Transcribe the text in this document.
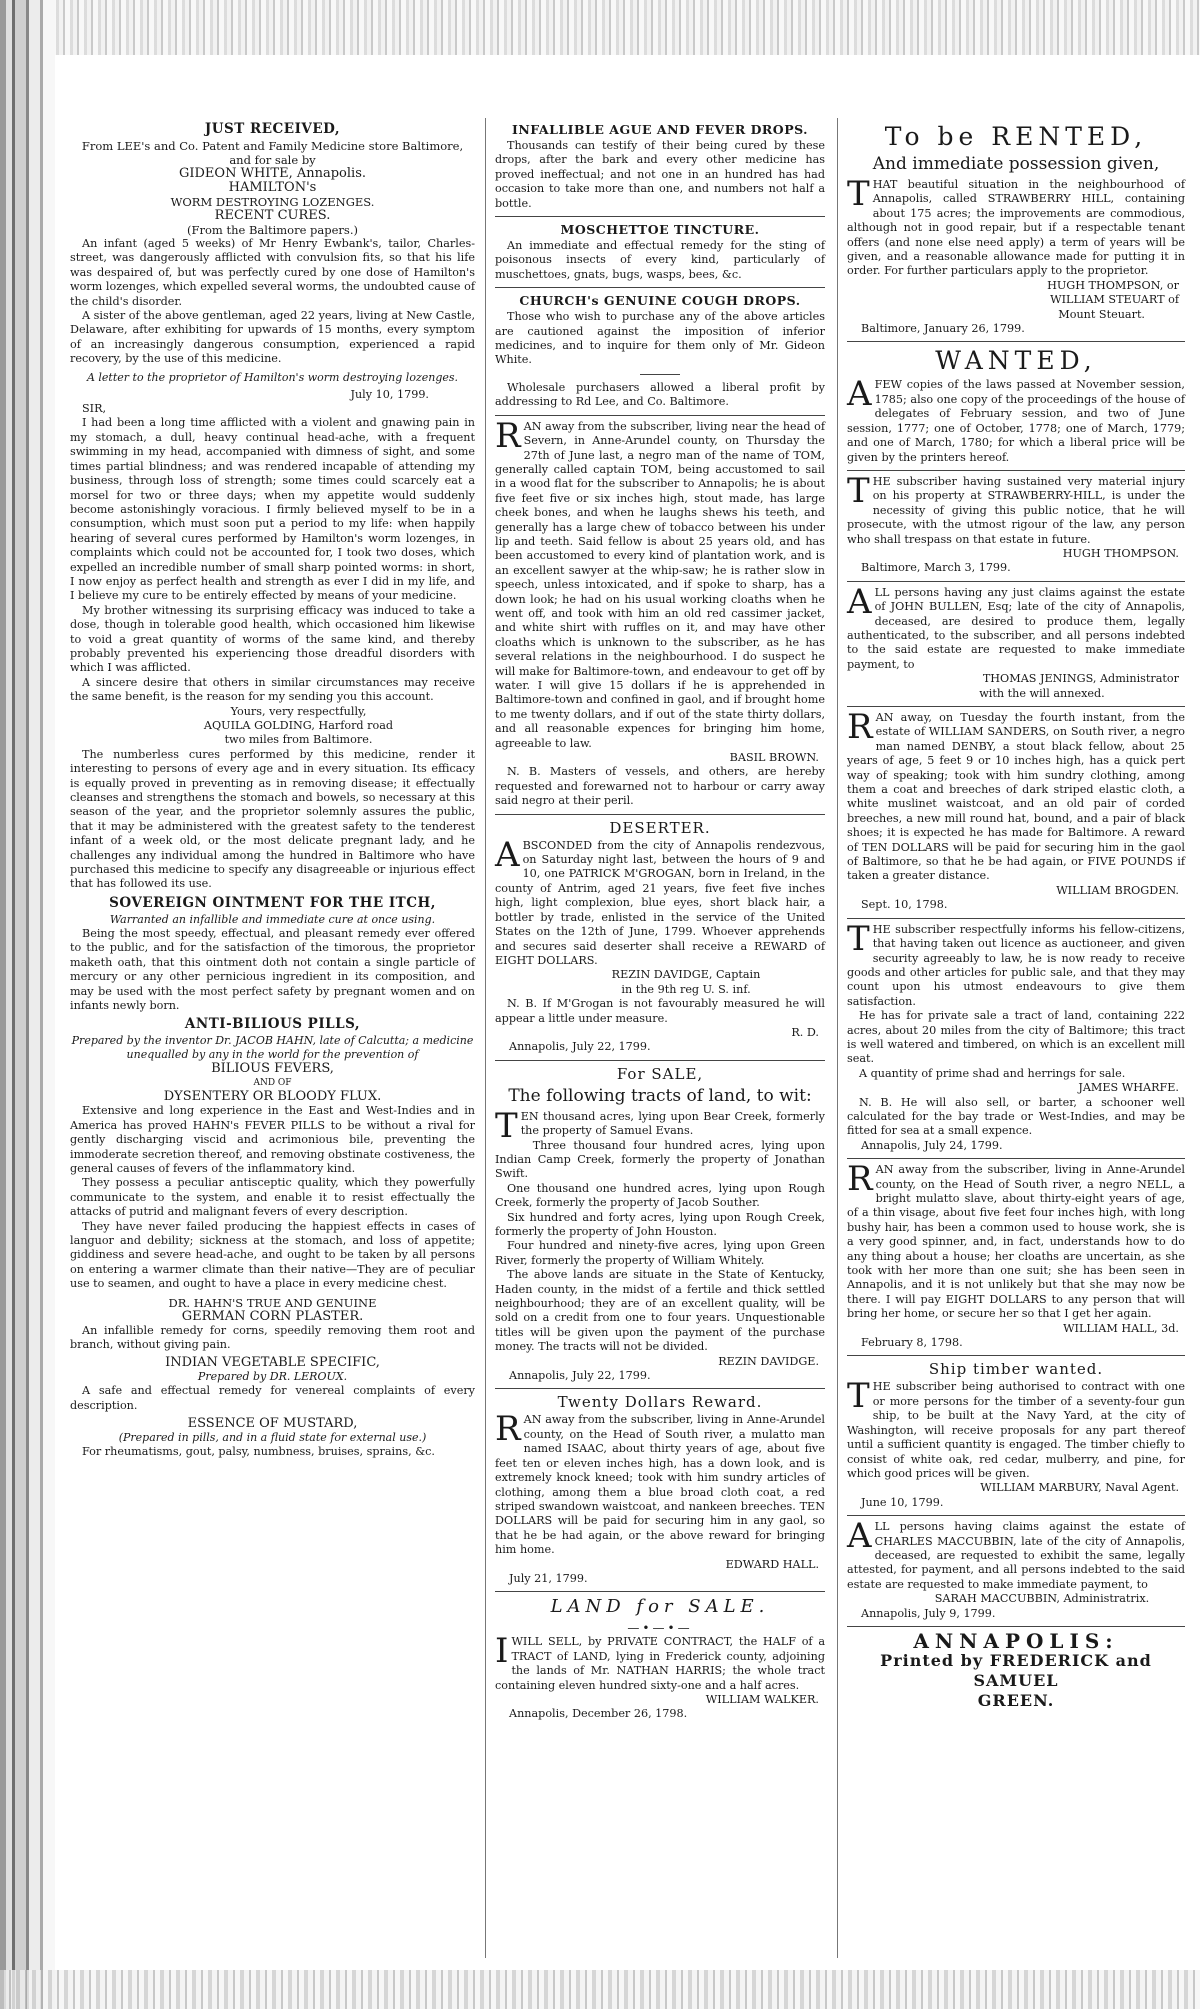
JUST RECEIVED,

From LEE's and Co. Patent and Family Medicine store Baltimore, and for sale by

GIDEON WHITE, Annapolis.

HAMILTON's

WORM DESTROYING LOZENGES.

RECENT CURES.

(From the Baltimore papers.)

An infant (aged 5 weeks) of Mr Henry Ewbank's, tailor, Charles-street, was dangerously afflicted with convulsion fits, so that his life was despaired of, but was perfectly cured by one dose of Hamilton's worm lozenges, which expelled several worms, the undoubted cause of the child's disorder.

A sister of the above gentleman, aged 22 years, living at New Castle, Delaware, after exhibiting for upwards of 15 months, every symptom of an increasingly dangerous consumption, experienced a rapid recovery, by the use of this medicine.

A letter to the proprietor of Hamilton's worm destroying lozenges.

July 10, 1799.

SIR,

I had been a long time afflicted with a violent and gnawing pain in my stomach, a dull, heavy continual head-ache, with a frequent swimming in my head, accompanied with dimness of sight, and some times partial blindness; and was rendered incapable of attending my business, through loss of strength; some times could scarcely eat a morsel for two or three days; when my appetite would suddenly become astonishingly voracious. I firmly believed myself to be in a consumption, which must soon put a period to my life: when happily hearing of several cures performed by Hamilton's worm lozenges, in complaints which could not be accounted for, I took two doses, which expelled an incredible number of small sharp pointed worms: in short, I now enjoy as perfect health and strength as ever I did in my life, and I believe my cure to be entirely effected by means of your medicine.

My brother witnessing its surprising efficacy was induced to take a dose, though in tolerable good health, which occasioned him likewise to void a great quantity of worms of the same kind, and thereby probably prevented his experiencing those dreadful disorders with which I was afflicted.

A sincere desire that others in similar circumstances may receive the same benefit, is the reason for my sending you this account.

Yours, very respectfully,

AQUILA GOLDING, Harford road

two miles from Baltimore.

The numberless cures performed by this medicine, render it interesting to persons of every age and in every situation. Its efficacy is equally proved in preventing as in removing disease; it effectually cleanses and strengthens the stomach and bowels, so necessary at this season of the year, and the proprietor solemnly assures the public, that it may be administered with the greatest safety to the tenderest infant of a week old, or the most delicate pregnant lady, and he challenges any individual among the hundred in Baltimore who have purchased this medicine to specify any disagreeable or injurious effect that has followed its use.

SOVEREIGN OINTMENT FOR THE ITCH,

Warranted an infallible and immediate cure at once using.

Being the most speedy, effectual, and pleasant remedy ever offered to the public, and for the satisfaction of the timorous, the proprietor maketh oath, that this ointment doth not contain a single particle of mercury or any other pernicious ingredient in its composition, and may be used with the most perfect safety by pregnant women and on infants newly born.

ANTI-BILIOUS PILLS,

Prepared by the inventor Dr. JACOB HAHN, late of Calcutta; a medicine unequalled by any in the world for the prevention of

BILIOUS FEVERS,

AND OF

DYSENTERY OR BLOODY FLUX.

Extensive and long experience in the East and West-Indies and in America has proved HAHN's FEVER PILLS to be without a rival for gently discharging viscid and acrimonious bile, preventing the immoderate secretion thereof, and removing obstinate costiveness, the general causes of fevers of the inflammatory kind.

They possess a peculiar antisceptic quality, which they powerfully communicate to the system, and enable it to resist effectually the attacks of putrid and malignant fevers of every description.

They have never failed producing the happiest effects in cases of languor and debility; sickness at the stomach, and loss of appetite; giddiness and severe head-ache, and ought to be taken by all persons on entering a warmer climate than their native—They are of peculiar use to seamen, and ought to have a place in every medicine chest.

DR. HAHN'S TRUE AND GENUINE

GERMAN CORN PLASTER.

An infallible remedy for corns, speedily removing them root and branch, without giving pain.

INDIAN VEGETABLE SPECIFIC,

Prepared by DR. LEROUX.

A safe and effectual remedy for venereal complaints of every description.

ESSENCE OF MUSTARD,

(Prepared in pills, and in a fluid state for external use.)

For rheumatisms, gout, palsy, numbness, bruises, sprains, &c.

INFALLIBLE AGUE AND FEVER DROPS.

Thousands can testify of their being cured by these drops, after the bark and every other medicine has proved ineffectual; and not one in an hundred has had occasion to take more than one, and numbers not half a bottle.

MOSCHETTOE TINCTURE.

An immediate and effectual remedy for the sting of poisonous insects of every kind, particularly of muschettoes, gnats, bugs, wasps, bees, &c.

CHURCH's GENUINE COUGH DROPS.

Those who wish to purchase any of the above articles are cautioned against the imposition of inferior medicines, and to inquire for them only of Mr. Gideon White.

Wholesale purchasers allowed a liberal profit by addressing to Rd Lee, and Co. Baltimore.

RAN away from the subscriber, living near the head of Severn, in Anne-Arundel county, on Thursday the 27th of June last, a negro man of the name of TOM, generally called captain TOM, being accustomed to sail in a wood flat for the subscriber to Annapolis; he is about five feet five or six inches high, stout made, has large cheek bones, and when he laughs shews his teeth, and generally has a large chew of tobacco between his under lip and teeth. Said fellow is about 25 years old, and has been accustomed to every kind of plantation work, and is an excellent sawyer at the whip-saw; he is rather slow in speech, unless intoxicated, and if spoke to sharp, has a down look; he had on his usual working cloaths when he went off, and took with him an old red cassimer jacket, and white shirt with ruffles on it, and may have other cloaths which is unknown to the subscriber, as he has several relations in the neighbourhood. I do suspect he will make for Baltimore-town, and endeavour to get off by water. I will give 15 dollars if he is apprehended in Baltimore-town and confined in gaol, and if brought home to me twenty dollars, and if out of the state thirty dollars, and all reasonable expences for bringing him home, agreeable to law.

BASIL BROWN.

N. B. Masters of vessels, and others, are hereby requested and forewarned not to harbour or carry away said negro at their peril.

DESERTER.

ABSCONDED from the city of Annapolis rendezvous, on Saturday night last, between the hours of 9 and 10, one PATRICK M'GROGAN, born in Ireland, in the county of Antrim, aged 21 years, five feet five inches high, light complexion, blue eyes, short black hair, a bottler by trade, enlisted in the service of the United States on the 12th of June, 1799. Whoever apprehends and secures said deserter shall receive a REWARD of EIGHT DOLLARS.

REZIN DAVIDGE, Captain

in the 9th reg U. S. inf.

N. B. If M'Grogan is not favourably measured he will appear a little under measure.

R. D.

Annapolis, July 22, 1799.

For SALE,

The following tracts of land, to wit:

TEN thousand acres, lying upon Bear Creek, formerly the property of Samuel Evans.

Three thousand four hundred acres, lying upon Indian Camp Creek, formerly the property of Jonathan Swift.

One thousand one hundred acres, lying upon Rough Creek, formerly the property of Jacob Souther.

Six hundred and forty acres, lying upon Rough Creek, formerly the property of John Houston.

Four hundred and ninety-five acres, lying upon Green River, formerly the property of William Whitely.

The above lands are situate in the State of Kentucky, Haden county, in the midst of a fertile and thick settled neighbourhood; they are of an excellent quality, will be sold on a credit from one to four years. Unquestionable titles will be given upon the payment of the purchase money. The tracts will not be divided.

REZIN DAVIDGE.

Annapolis, July 22, 1799.

Twenty Dollars Reward.

RAN away from the subscriber, living in Anne-Arundel county, on the Head of South river, a mulatto man named ISAAC, about thirty years of age, about five feet ten or eleven inches high, has a down look, and is extremely knock kneed; took with him sundry articles of clothing, among them a blue broad cloth coat, a red striped swandown waistcoat, and nankeen breeches. TEN DOLLARS will be paid for securing him in any gaol, so that he be had again, or the above reward for bringing him home.

EDWARD HALL.

July 21, 1799.

LAND for SALE.

—•—•—

IWILL SELL, by PRIVATE CONTRACT, the HALF of a TRACT of LAND, lying in Frederick county, adjoining the lands of Mr. NATHAN HARRIS; the whole tract containing eleven hundred sixty-one and a half acres.

WILLIAM WALKER.

Annapolis, December 26, 1798.

To be RENTED,

And immediate possession given,

THAT beautiful situation in the neighbourhood of Annapolis, called STRAWBERRY HILL, containing about 175 acres; the improvements are commodious, although not in good repair, but if a respectable tenant offers (and none else need apply) a term of years will be given, and a reasonable allowance made for putting it in order. For further particulars apply to the proprietor.

HUGH THOMPSON, or

WILLIAM STEUART of

Mount Steuart.

Baltimore, January 26, 1799.

WANTED,

AFEW copies of the laws passed at November session, 1785; also one copy of the proceedings of the house of delegates of February session, and two of June session, 1777; one of October, 1778; one of March, 1779; and one of March, 1780; for which a liberal price will be given by the printers hereof.

THE subscriber having sustained very material injury on his property at STRAWBERRY-HILL, is under the necessity of giving this public notice, that he will prosecute, with the utmost rigour of the law, any person who shall trespass on that estate in future.

HUGH THOMPSON.

Baltimore, March 3, 1799.

ALL persons having any just claims against the estate of JOHN BULLEN, Esq; late of the city of Annapolis, deceased, are desired to produce them, legally authenticated, to the subscriber, and all persons indebted to the said estate are requested to make immediate payment, to

THOMAS JENINGS, Administrator

with the will annexed.

RAN away, on Tuesday the fourth instant, from the estate of WILLIAM SANDERS, on South river, a negro man named DENBY, a stout black fellow, about 25 years of age, 5 feet 9 or 10 inches high, has a quick pert way of speaking; took with him sundry clothing, among them a coat and breeches of dark striped elastic cloth, a white muslinet waistcoat, and an old pair of corded breeches, a new mill round hat, bound, and a pair of black shoes; it is expected he has made for Baltimore. A reward of TEN DOLLARS will be paid for securing him in the gaol of Baltimore, so that he be had again, or FIVE POUNDS if taken a greater distance.

WILLIAM BROGDEN.

Sept. 10, 1798.

THE subscriber respectfully informs his fellow-citizens, that having taken out licence as auctioneer, and given security agreeably to law, he is now ready to receive goods and other articles for public sale, and that they may count upon his utmost endeavours to give them satisfaction.

He has for private sale a tract of land, containing 222 acres, about 20 miles from the city of Baltimore; this tract is well watered and timbered, on which is an excellent mill seat.

A quantity of prime shad and herrings for sale.

JAMES WHARFE.

N. B. He will also sell, or barter, a schooner well calculated for the bay trade or West-Indies, and may be fitted for sea at a small expence.

Annapolis, July 24, 1799.

RAN away from the subscriber, living in Anne-Arundel county, on the Head of South river, a negro NELL, a bright mulatto slave, about thirty-eight years of age, of a thin visage, about five feet four inches high, with long bushy hair, has been a common used to house work, she is a very good spinner, and, in fact, understands how to do any thing about a house; her cloaths are uncertain, as she took with her more than one suit; she has been seen in Annapolis, and it is not unlikely but that she may now be there. I will pay EIGHT DOLLARS to any person that will bring her home, or secure her so that I get her again.

WILLIAM HALL, 3d.

February 8, 1798.

Ship timber wanted.

THE subscriber being authorised to contract with one or more persons for the timber of a seventy-four gun ship, to be built at the Navy Yard, at the city of Washington, will receive proposals for any part thereof until a sufficient quantity is engaged. The timber chiefly to consist of white oak, red cedar, mulberry, and pine, for which good prices will be given.

WILLIAM MARBURY, Naval Agent.

June 10, 1799.

ALL persons having claims against the estate of CHARLES MACCUBBIN, late of the city of Annapolis, deceased, are requested to exhibit the same, legally attested, for payment, and all persons indebted to the said estate are requested to make immediate payment, to

SARAH MACCUBBIN, Administratrix.

Annapolis, July 9, 1799.

ANNAPOLIS:

Printed by FREDERICK and SAMUEL

GREEN.
